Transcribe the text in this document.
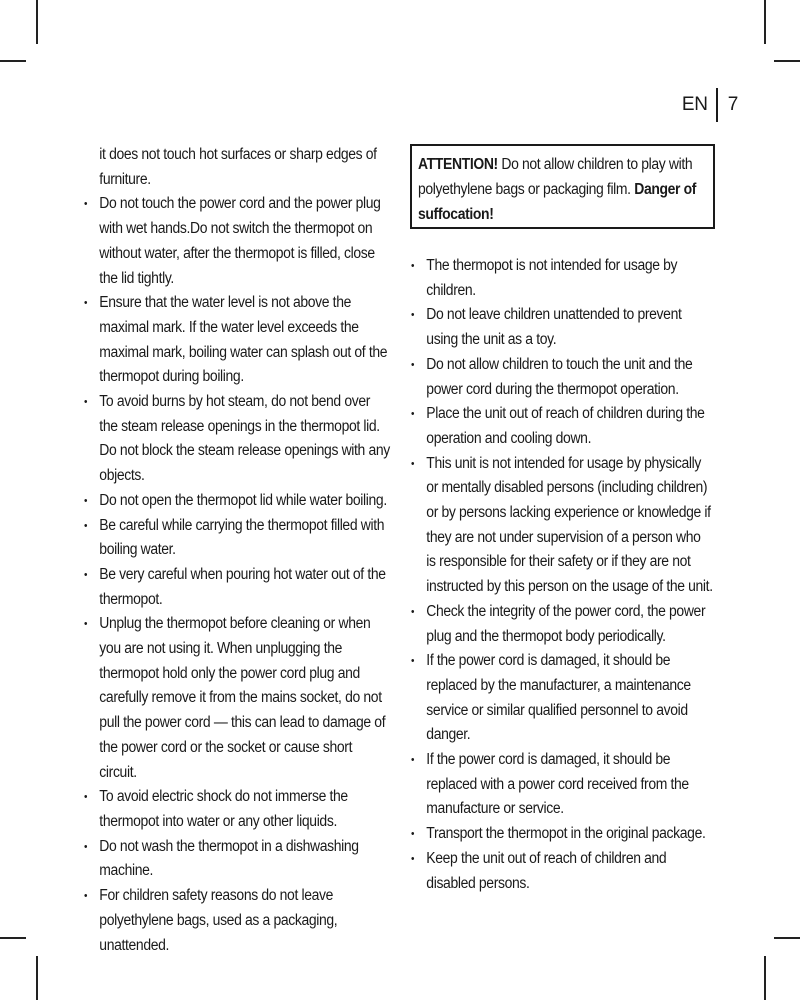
EN	7
it does not touch hot surfaces or sharp edges of furniture.
• Do not touch the power cord and the power plug with wet hands.Do not switch the thermopot on without water, after the thermopot is filled, close the lid tightly.
• Ensure that the water level is not above the maximal mark. If the water level exceeds the maximal mark, boiling water can splash out of the thermopot during boiling.
• To avoid burns by hot steam, do not bend over the steam release openings in the thermopot lid. Do not block the steam release openings with any objects.
• Do not open the thermopot lid while water boiling.
• Be careful while carrying the thermopot filled with boiling water.
• Be very careful when pouring hot water out of the thermopot.
• Unplug the thermopot before cleaning or when you are not using it. When unplugging the thermopot hold only the power cord plug and carefully remove it from the mains socket, do not pull the power cord — this can lead to damage of the power cord or the socket or cause short circuit.
• To avoid electric shock do not immerse the thermopot into water or any other liquids.
• Do not wash the thermopot in a dishwashing machine.
• For children safety reasons do not leave polyethylene bags, used as a packaging, unattended.
ATTENTION! Do not allow children to play with polyethylene bags or packaging film. Danger of suffocation!
• The thermopot is not intended for usage by children.
• Do not leave children unattended to prevent using the unit as a toy.
• Do not allow children to touch the unit and the power cord during the thermopot operation.
• Place the unit out of reach of children during the operation and cooling down.
• This unit is not intended for usage by physically or mentally disabled persons (including children) or by persons lacking experience or knowledge if they are not under supervision of a person who is responsible for their safety or if they are not instructed by this person on the usage of the unit.
• Check the integrity of the power cord, the power plug and the thermopot body periodically.
• If the power cord is damaged, it should be replaced by the manufacturer, a maintenance service or similar qualified personnel to avoid danger.
• If the power cord is damaged, it should be replaced with a power cord received from the manufacture or service.
• Transport the thermopot in the original package.
• Keep the unit out of reach of children and disabled persons.
